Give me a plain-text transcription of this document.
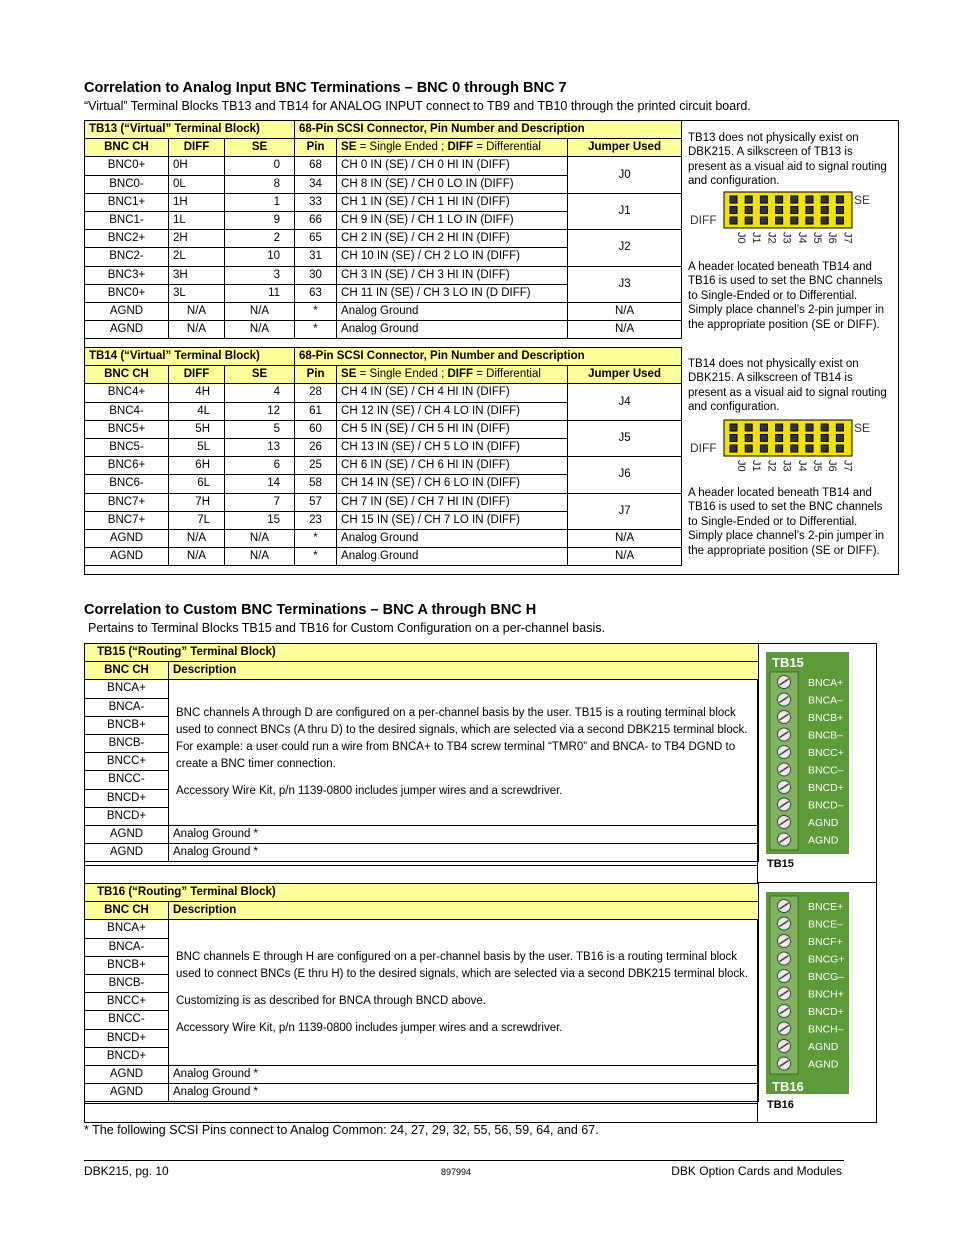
Correlation to Analog Input BNC Terminations – BNC 0 through BNC 7
“Virtual” Terminal Blocks TB13 and TB14 for ANALOG INPUT connect to TB9 and TB10 through the printed circuit board.
TB13 (“Virtual” Terminal Block)			68-Pin SCSI Connector, Pin Number and Description		
BNC CH	DIFF	SE	Pin	SE = Single Ended ; DIFF = Differential	Jumper Used
BNC0+	0H	0	68	CH 0 IN (SE) / CH 0 HI IN (DIFF)	J0
BNC0-	0L	8	34	CH 8 IN (SE) / CH 0 LO IN (DIFF)	
BNC1+	1H	1	33	CH 1 IN (SE) / CH 1 HI IN (DIFF)	J1
BNC1-	1L	9	66	CH 9 IN (SE) / CH 1 LO IN (DIFF)	
BNC2+	2H	2	65	CH 2 IN (SE) / CH 2 HI IN (DIFF)	J2
BNC2-	2L	10	31	CH 10 IN (SE) / CH 2 LO IN (DIFF)	
BNC3+	3H	3	30	CH 3 IN (SE) / CH 3 HI IN (DIFF)	J3
BNC0+	3L	11	63	CH 11 IN (SE) / CH 3 LO IN (D DIFF)	
AGND	N/A	N/A	*	Analog Ground	N/A
AGND	N/A	N/A	*	Analog Ground	N/A
TB13 does not physically exist on DBK215. A silkscreen of TB13 is present as a visual aid to signal routing and configuration.
DIFF
SE
J0 J1 J2 J3 J4 J5 J6 J7
A header located beneath TB14 and TB16 is used to set the BNC channels to Single-Ended or to Differential. Simply place channel’s 2-pin jumper in the appropriate position (SE or DIFF).
TB14 (“Virtual” Terminal Block)			68-Pin SCSI Connector, Pin Number and Description		
BNC CH	DIFF	SE	Pin	SE = Single Ended ; DIFF = Differential	Jumper Used
BNC4+	4H	4	28	CH 4 IN (SE) / CH 4 HI IN (DIFF)	J4
BNC4-	4L	12	61	CH 12 IN (SE) / CH 4 LO IN (DIFF)	
BNC5+	5H	5	60	CH 5 IN (SE) / CH 5 HI IN (DIFF)	J5
BNC5-	5L	13	26	CH 13 IN (SE) / CH 5 LO IN (DIFF)	
BNC6+	6H	6	25	CH 6 IN (SE) / CH 6 HI IN (DIFF)	J6
BNC6-	6L	14	58	CH 14 IN (SE) / CH 6 LO IN (DIFF)	
BNC7+	7H	7	57	CH 7 IN (SE) / CH 7 HI IN (DIFF)	J7
BNC7+	7L	15	23	CH 15 IN (SE) / CH 7 LO IN (DIFF)	
AGND	N/A	N/A	*	Analog Ground	N/A
AGND	N/A	N/A	*	Analog Ground	N/A
TB14 does not physically exist on DBK215. A silkscreen of TB14 is present as a visual aid to signal routing and configuration.
DIFF
SE
J0 J1 J2 J3 J4 J5 J6 J7
A header located beneath TB14 and TB16 is used to set the BNC channels to Single-Ended or to Differential. Simply place channel’s 2-pin jumper in the appropriate position (SE or DIFF).
Correlation to Custom BNC Terminations – BNC A through BNC H
Pertains to Terminal Blocks TB15 and TB16 for Custom Configuration on a per-channel basis.
TB15 (“Routing” Terminal Block)	
BNC CH	Description
BNCA+	BNC channels A through D are configured on a per-channel basis by the user. TB15 is a routing terminal block used to connect BNCs (A thru D) to the desired signals, which are selected via a second DBK215 terminal block. For example: a user could run a wire from BNCA+ to TB4 screw terminal “TMR0” and BNCA- to TB4 DGND to create a BNC timer connection.

Accessory Wire Kit, p/n 1139-0800 includes jumper wires and a screwdriver.

BNCA-	
BNCB+	
BNCB-	
BNCC+	
BNCC-	
BNCD+	
BNCD+	
AGND	Analog Ground *
AGND	Analog Ground *
TB15
BNCA+
BNCA–
BNCB+
BNCB–
BNCC+
BNCC–
BNCD+
BNCD–
AGND
AGND
TB15
TB16 (“Routing” Terminal Block)	
BNC CH	Description
BNCA+	BNC channels E through H are configured on a per-channel basis by the user. TB16 is a routing terminal block used to connect BNCs (E thru H) to the desired signals, which are selected via a second DBK215 terminal block.

Customizing is as described for BNCA through BNCD above.

Accessory Wire Kit, p/n 1139-0800 includes jumper wires and a screwdriver.

BNCA-	
BNCB+	
BNCB-	
BNCC+	
BNCC-	
BNCD+	
BNCD+	
AGND	Analog Ground *
AGND	Analog Ground *	TB16
BNCE+
BNCE–
BNCF+
BNCG+
BNCG–
BNCH+
BNCD+
BNCH–
AGND
AGND
TB16
* The following SCSI Pins connect to Analog Common: 24, 27, 29, 32, 55, 56, 59, 64, and 67.
DBK215, pg. 10	897994	DBK Option Cards and Modules
